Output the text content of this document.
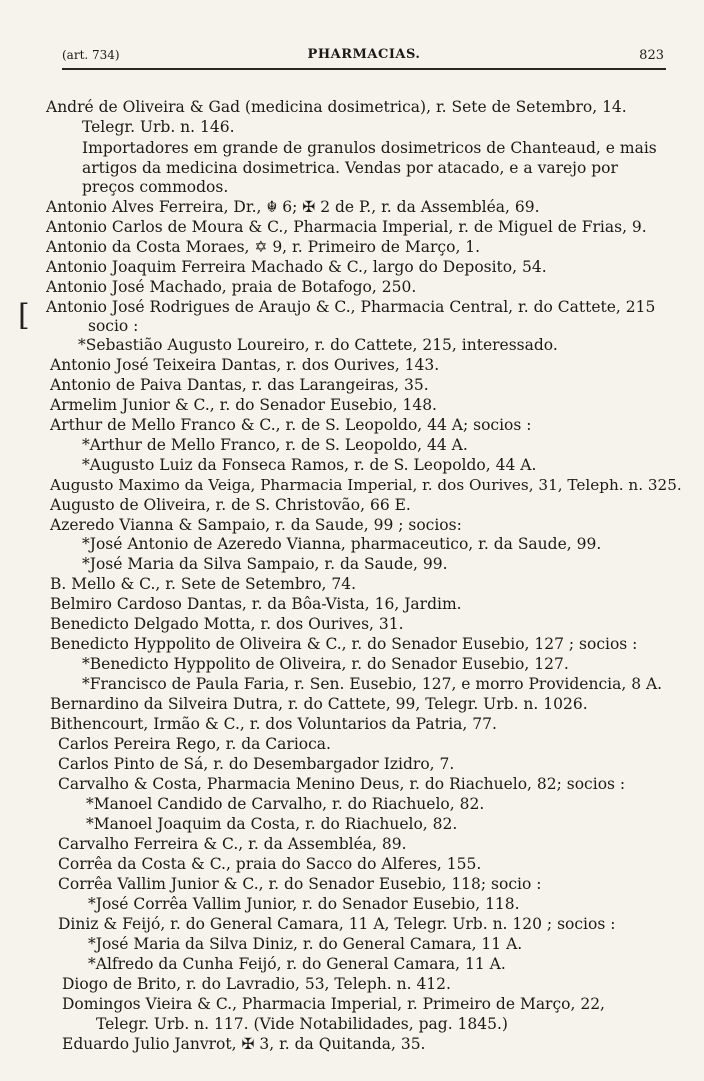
(art. 734)	PHARMACIAS.	823
[
André de Oliveira & Gad (medicina dosimetrica), r. Sete de Setembro, 14.
Telegr. Urb. n. 146.
Importadores em grande de granulos dosimetricos de Chanteaud, e mais
artigos da medicina dosimetrica. Vendas por atacado, e a varejo por
preços commodos.
Antonio Alves Ferreira, Dr., ☬ 6; ✠ 2 de P., r. da Assembléa, 69.
Antonio Carlos de Moura & C., Pharmacia Imperial, r. de Miguel de Frias, 9.
Antonio da Costa Moraes, ✡ 9, r. Primeiro de Março, 1.
Antonio Joaquim Ferreira Machado & C., largo do Deposito, 54.
Antonio José Machado, praia de Botafogo, 250.
Antonio José Rodrigues de Araujo & C., Pharmacia Central, r. do Cattete, 215
socio :
*Sebastião Augusto Loureiro, r. do Cattete, 215, interessado.
Antonio José Teixeira Dantas, r. dos Ourives, 143.
Antonio de Paiva Dantas, r. das Larangeiras, 35.
Armelim Junior & C., r. do Senador Eusebio, 148.
Arthur de Mello Franco & C., r. de S. Leopoldo, 44 A; socios :
*Arthur de Mello Franco, r. de S. Leopoldo, 44 A.
*Augusto Luiz da Fonseca Ramos, r. de S. Leopoldo, 44 A.
Augusto Maximo da Veiga, Pharmacia Imperial, r. dos Ourives, 31, Teleph. n. 325.
Augusto de Oliveira, r. de S. Christovão, 66 E.
Azeredo Vianna & Sampaio, r. da Saude, 99 ; socios:
*José Antonio de Azeredo Vianna, pharmaceutico, r. da Saude, 99.
*José Maria da Silva Sampaio, r. da Saude, 99.
B. Mello & C., r. Sete de Setembro, 74.
Belmiro Cardoso Dantas, r. da Bôa-Vista, 16, Jardim.
Benedicto Delgado Motta, r. dos Ourives, 31.
Benedicto Hyppolito de Oliveira & C., r. do Senador Eusebio, 127 ; socios :
*Benedicto Hyppolito de Oliveira, r. do Senador Eusebio, 127.
*Francisco de Paula Faria, r. Sen. Eusebio, 127, e morro Providencia, 8 A.
Bernardino da Silveira Dutra, r. do Cattete, 99, Telegr. Urb. n. 1026.
Bithencourt, Irmão & C., r. dos Voluntarios da Patria, 77.
Carlos Pereira Rego, r. da Carioca.
Carlos Pinto de Sá, r. do Desembargador Izidro, 7.
Carvalho & Costa, Pharmacia Menino Deus, r. do Riachuelo, 82; socios :
*Manoel Candido de Carvalho, r. do Riachuelo, 82.
*Manoel Joaquim da Costa, r. do Riachuelo, 82.
Carvalho Ferreira & C., r. da Assembléa, 89.
Corrêa da Costa & C., praia do Sacco do Alferes, 155.
Corrêa Vallim Junior & C., r. do Senador Eusebio, 118; socio :
*José Corrêa Vallim Junior, r. do Senador Eusebio, 118.
Diniz & Feijó, r. do General Camara, 11 A, Telegr. Urb. n. 120 ; socios :
*José Maria da Silva Diniz, r. do General Camara, 11 A.
*Alfredo da Cunha Feijó, r. do General Camara, 11 A.
Diogo de Brito, r. do Lavradio, 53, Teleph. n. 412.
Domingos Vieira & C., Pharmacia Imperial, r. Primeiro de Março, 22,
Telegr. Urb. n. 117. (Vide Notabilidades, pag. 1845.)
Eduardo Julio Janvrot, ✠ 3, r. da Quitanda, 35.
